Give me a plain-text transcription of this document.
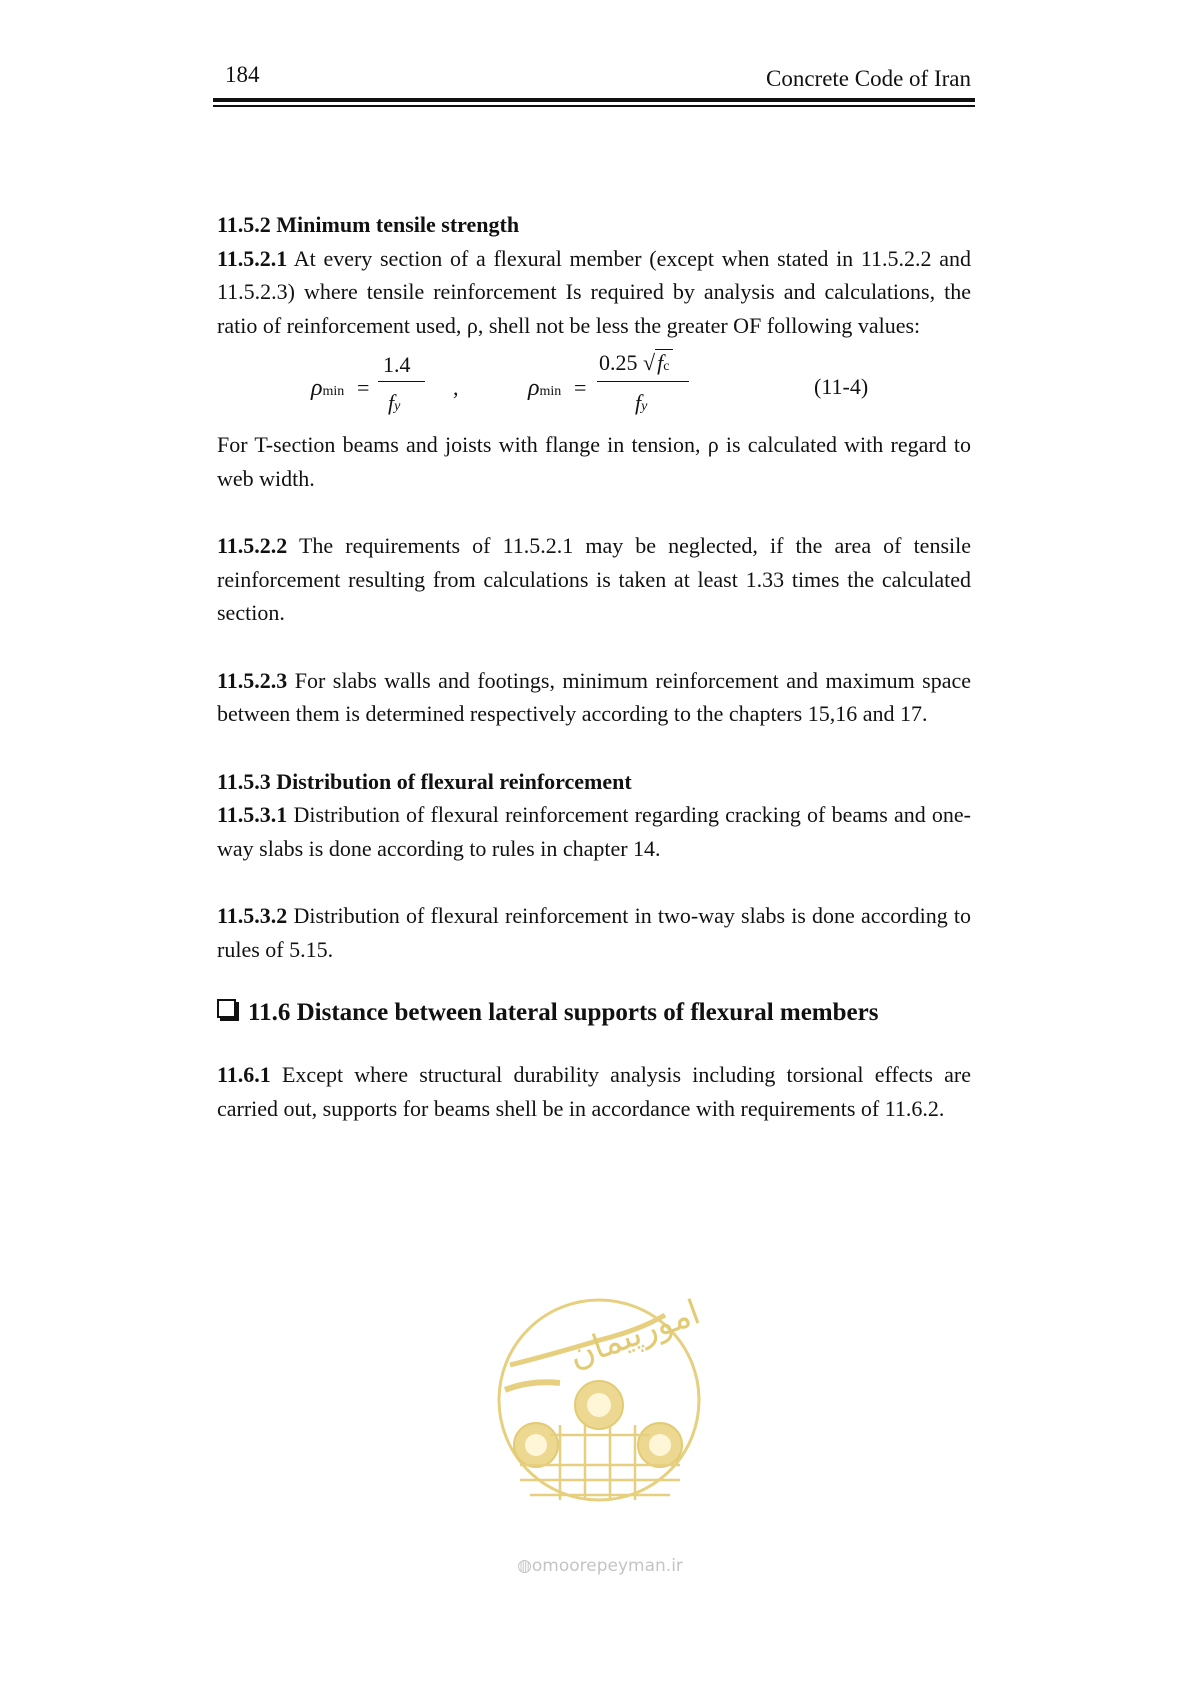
184	Concrete Code of Iran

11.5.2 Minimum tensile strength

11.5.2.1 At every section of a flexural member (except when stated in 11.5.2.2 and 11.5.2.3) where tensile reinforcement Is required by analysis and calculations, the ratio of reinforcement used, ρ, shell not be less the greater OF following values:

ρmin =
1.4
fy
,	ρmin =
0.25 √fc
fy
(11-4)

For T-section beams and joists with flange in tension, ρ is calculated with regard to web width.

11.5.2.2 The requirements of 11.5.2.1 may be neglected, if the area of tensile reinforcement resulting from calculations is taken at least 1.33 times the calculated section.

11.5.2.3 For slabs walls and footings, minimum reinforcement and maximum space between them is determined respectively according to the chapters 15,16 and 17.

11.5.3 Distribution of flexural reinforcement

11.5.3.1 Distribution of flexural reinforcement regarding cracking of beams and one-way slabs is done according to rules in chapter 14.

11.5.3.2 Distribution of flexural reinforcement in two-way slabs is done according to rules of 5.15.

11.6 Distance between lateral supports of flexural members

11.6.1 Except where structural durability analysis including torsional effects are carried out, supports for beams shell be in accordance with requirements of 11.6.2.

امورپیمان
◍omoorepeyman.ir
